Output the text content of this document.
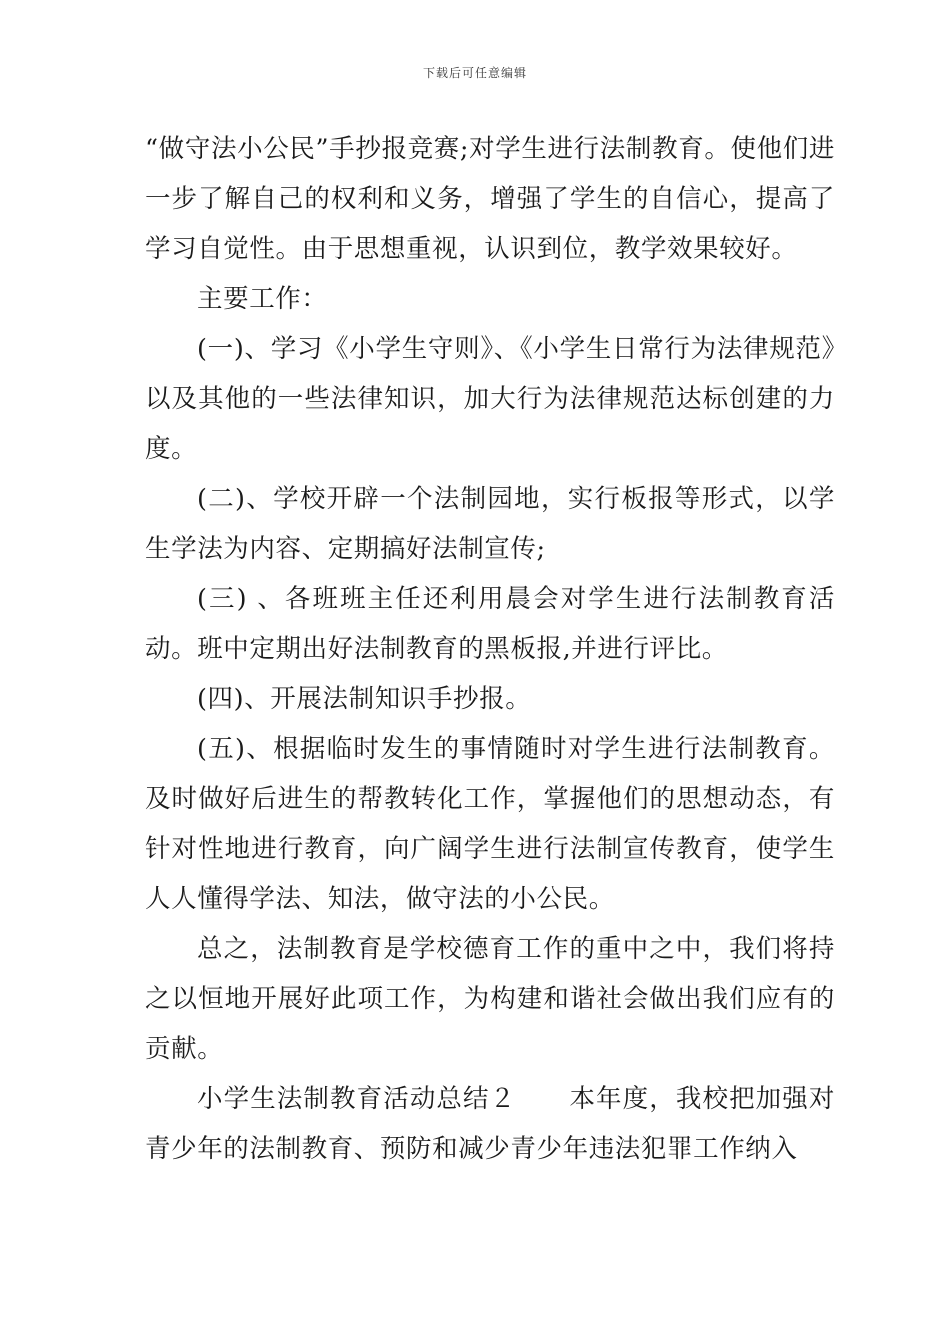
下载后可任意编辑

“做守法小公民”手抄报竞赛;对学生进行法制教育。使他们进一步了解自己的权利和义务，增强了学生的自信心，提高了学习自觉性。由于思想重视，认识到位，教学效果较好。

主要工作：

(一)、学习《小学生守则》、《小学生日常行为法律规范》以及其他的一些法律知识，加大行为法律规范达标创建的力度。

(二)、学校开辟一个法制园地，实行板报等形式，以学生学法为内容、定期搞好法制宣传;

(三) 、各班班主任还利用晨会对学生进行法制教育活动。班中定期出好法制教育的黑板报,并进行评比。

(四)、开展法制知识手抄报。

(五)、根据临时发生的事情随时对学生进行法制教育。及时做好后进生的帮教转化工作，掌握他们的思想动态，有针对性地进行教育，向广阔学生进行法制宣传教育，使学生人人懂得学法、知法，做守法的小公民。

总之，法制教育是学校德育工作的重中之中，我们将持之以恒地开展好此项工作，为构建和谐社会做出我们应有的贡献。

小学生法制教育活动总结２　　本年度，我校把加强对青少年的法制教育、预防和减少青少年违法犯罪工作纳入
